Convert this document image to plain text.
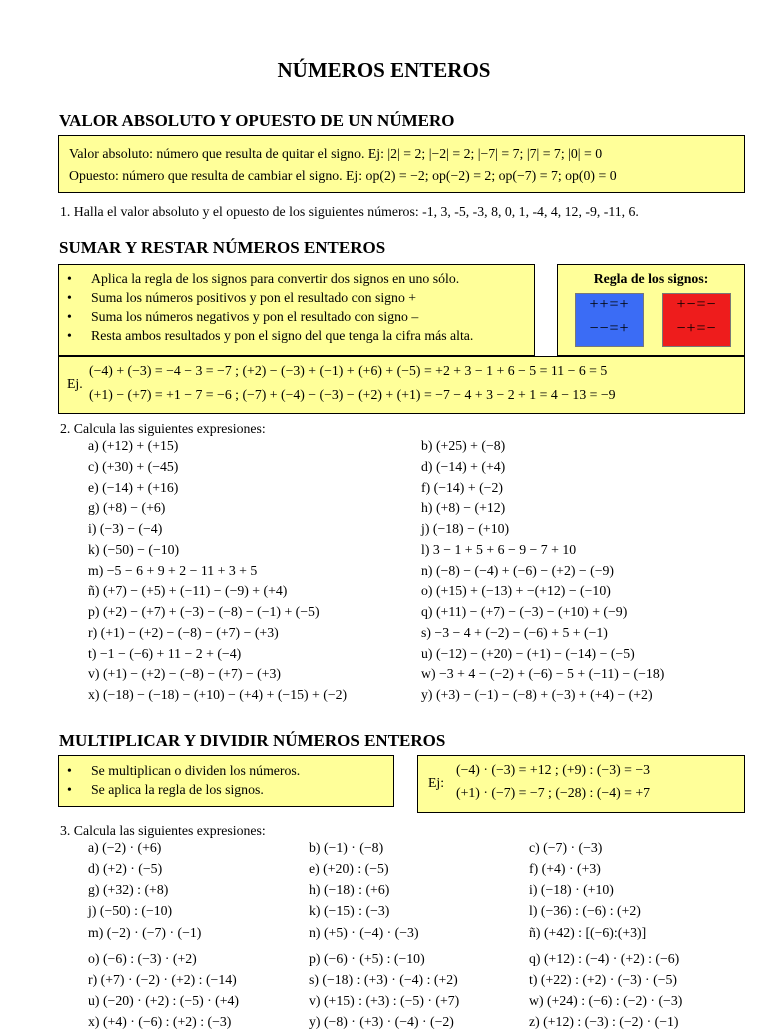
NÚMEROS ENTEROS
VALOR ABSOLUTO Y OPUESTO DE UN NÚMERO
Valor absoluto: número que resulta de quitar el signo. Ej: |2| = 2; |−2| = 2; |−7| = 7; |7| = 7; |0| = 0
Opuesto: número que resulta de cambiar el signo. Ej: op(2) = −2; op(−2) = 2; op(−7) = 7; op(0) = 0
1. Halla el valor absoluto y el opuesto de los siguientes números: -1, 3, -5, -3, 8, 0, 1, -4, 4, 12, -9, -11, 6.
SUMAR Y RESTAR NÚMEROS ENTEROS
• Aplica la regla de los signos para convertir dos signos en uno sólo.
• Suma los números positivos y pon el resultado con signo +
• Suma los números negativos y pon el resultado con signo –
• Resta ambos resultados y pon el signo del que tenga la cifra más alta.
Regla de los signos:
++=+
−−=+
+−=−
−+=−
Ej.
(−4) + (−3) = −4 − 3 = −7 ; (+2) − (−3) + (−1) + (+6) + (−5) = +2 + 3 − 1 + 6 − 5 = 11 − 6 = 5
(+1) − (+7) = +1 − 7 = −6 ; (−7) + (−4) − (−3) − (+2) + (+1) = −7 − 4 + 3 − 2 + 1 = 4 − 13 = −9
2. Calcula las siguientes expresiones:
a) (+12) + (+15)
c) (+30) + (−45)
e) (−14) + (+16)
g) (+8) − (+6)
i) (−3) − (−4)
k) (−50) − (−10)
m) −5 − 6 + 9 + 2 − 11 + 3 + 5
ñ) (+7) − (+5) + (−11) − (−9) + (+4)
p) (+2) − (+7) + (−3) − (−8) − (−1) + (−5)
r) (+1) − (+2) − (−8) − (+7) − (+3)
t) −1 − (−6) + 11 − 2 + (−4)
v) (+1) − (+2) − (−8) − (+7) − (+3)
x) (−18) − (−18) − (+10) − (+4) + (−15) + (−2)
b) (+25) + (−8)
d) (−14) + (+4)
f) (−14) + (−2)
h) (+8) − (+12)
j) (−18) − (+10)
l) 3 − 1 + 5 + 6 − 9 − 7 + 10
n) (−8) − (−4) + (−6) − (+2) − (−9)
o) (+15) + (−13) + −(+12) − (−10)
q) (+11) − (+7) − (−3) − (+10) + (−9)
s) −3 − 4 + (−2) − (−6) + 5 + (−1)
u) (−12) − (+20) − (+1) − (−14) − (−5)
w) −3 + 4 − (−2) + (−6) − 5 + (−11) − (−18)
y) (+3) − (−1) − (−8) + (−3) + (+4) − (+2)
MULTIPLICAR Y DIVIDIR NÚMEROS ENTEROS
• Se multiplican o dividen los números.
• Se aplica la regla de los signos.	Ej:
(−4) · (−3) = +12 ; (+9) : (−3) = −3
(+1) · (−7) = −7 ; (−28) : (−4) = +7
3. Calcula las siguientes expresiones:
a) (−2) · (+6)
d) (+2) · (−5)
g) (+32) : (+8)
j) (−50) : (−10)
m) (−2) · (−7) · (−1)
o) (−6) : (−3) · (+2)
r) (+7) · (−2) · (+2) : (−14)
u) (−20) · (+2) : (−5) · (+4)
x) (+4) · (−6) : (+2) : (−3)
b) (−1) · (−8)
e) (+20) : (−5)
h) (−18) : (+6)
k) (−15) : (−3)
n) (+5) · (−4) · (−3)
p) (−6) · (+5) : (−10)
s) (−18) : (+3) · (−4) : (+2)
v) (+15) : (+3) : (−5) · (+7)
y) (−8) · (+3) · (−4) · (−2)
c) (−7) · (−3)
f) (+4) · (+3)
i) (−18) · (+10)
l) (−36) : (−6) : (+2)
ñ) (+42) : [(−6):(+3)]
q) (+12) : (−4) · (+2) : (−6)
t) (+22) : (+2) · (−3) · (−5)
w) (+24) : (−6) : (−2) · (−3)
z) (+12) : (−3) : (−2) · (−1)
